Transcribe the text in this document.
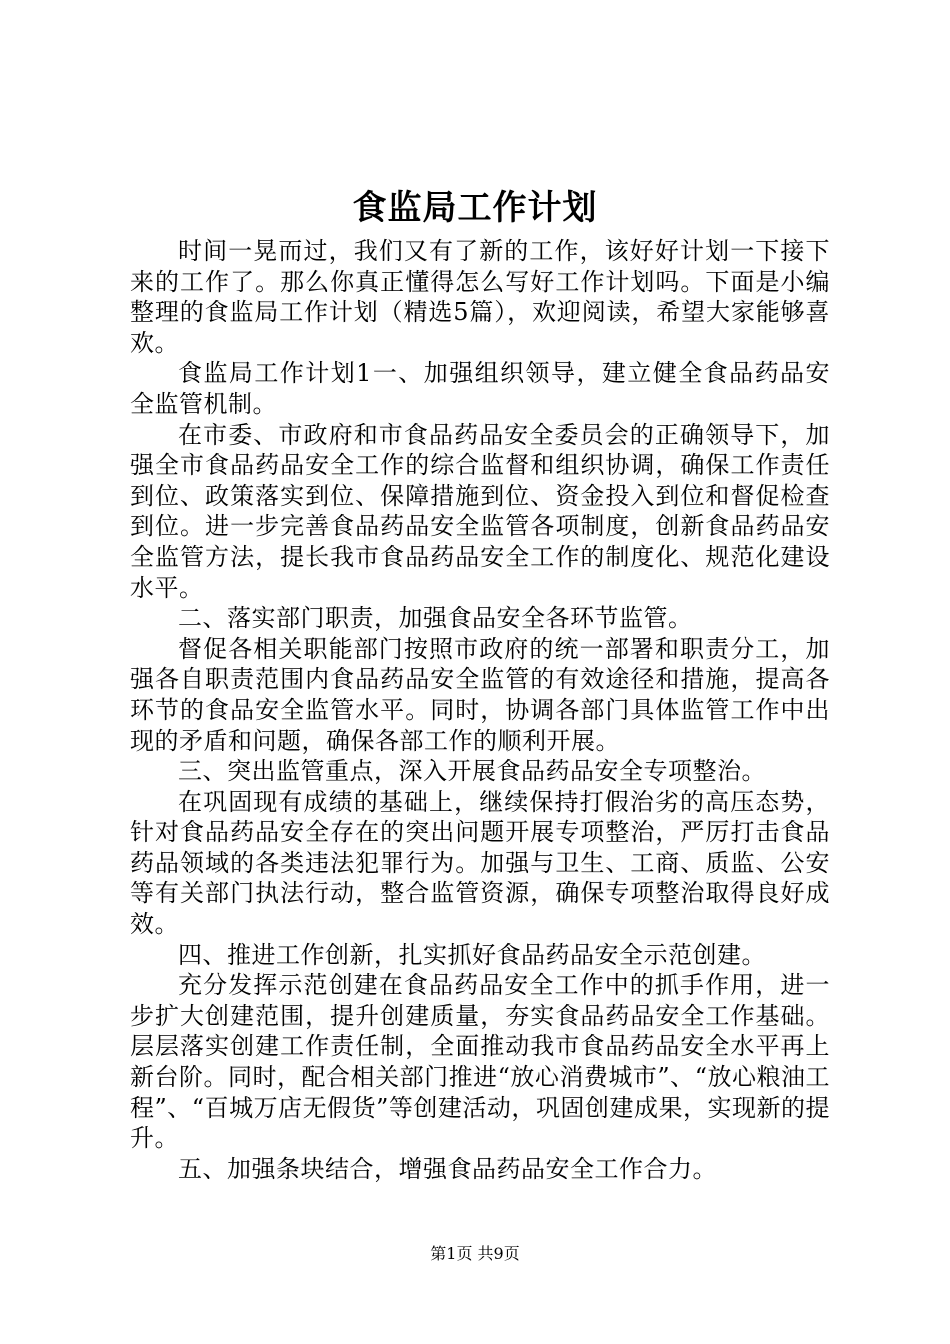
食监局工作计划

时间一晃而过，我们又有了新的工作，该好好计划一下接下来的工作了。那么你真正懂得怎么写好工作计划吗。下面是小编整理的食监局工作计划（精选5篇），欢迎阅读，希望大家能够喜欢。

食监局工作计划1一、加强组织领导，建立健全食品药品安全监管机制。

在市委、市政府和市食品药品安全委员会的正确领导下，加强全市食品药品安全工作的综合监督和组织协调，确保工作责任到位、政策落实到位、保障措施到位、资金投入到位和督促检查到位。进一步完善食品药品安全监管各项制度，创新食品药品安全监管方法，提长我市食品药品安全工作的制度化、规范化建设水平。

二、落实部门职责，加强食品安全各环节监管。

督促各相关职能部门按照市政府的统一部署和职责分工，加强各自职责范围内食品药品安全监管的有效途径和措施，提高各环节的食品安全监管水平。同时，协调各部门具体监管工作中出现的矛盾和问题，确保各部工作的顺利开展。

三、突出监管重点，深入开展食品药品安全专项整治。

在巩固现有成绩的基础上，继续保持打假治劣的高压态势，针对食品药品安全存在的突出问题开展专项整治，严厉打击食品药品领域的各类违法犯罪行为。加强与卫生、工商、质监、公安等有关部门执法行动，整合监管资源，确保专项整治取得良好成效。

四、推进工作创新，扎实抓好食品药品安全示范创建。

充分发挥示范创建在食品药品安全工作中的抓手作用，进一步扩大创建范围，提升创建质量，夯实食品药品安全工作基础。层层落实创建工作责任制，全面推动我市食品药品安全水平再上新台阶。同时，配合相关部门推进“放心消费城市”、“放心粮油工程”、“百城万店无假货”等创建活动，巩固创建成果，实现新的提升。

五、加强条块结合，增强食品药品安全工作合力。

第1页 共9页
